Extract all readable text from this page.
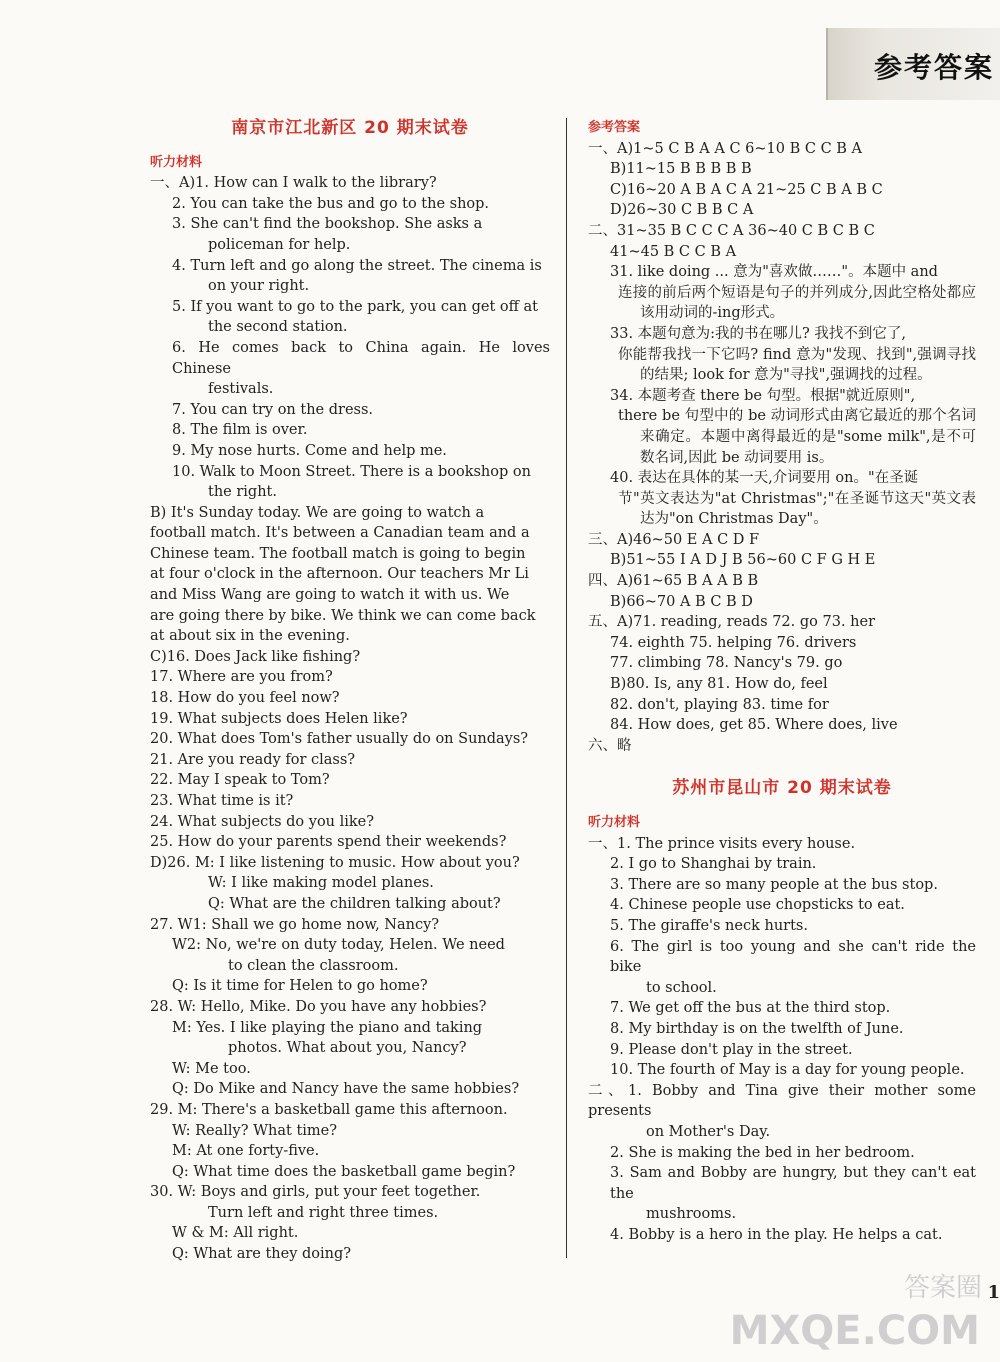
参考答案
南京市江北新区 20 期末试卷
听力材料
一、A)1. How can I walk to the library?
2. You can take the bus and go to the shop.
3. She can't find the bookshop. She asks a
policeman for help.
4. Turn left and go along the street. The cinema is
on your right.
5. If you want to go to the park, you can get off at
the second station.
6. He comes back to China again. He loves Chinese
festivals.
7. You can try on the dress.
8. The film is over.
9. My nose hurts. Come and help me.
10. Walk to Moon Street. There is a bookshop on
the right.
B) It's Sunday today. We are going to watch a
football match. It's between a Canadian team and a
Chinese team. The football match is going to begin
at four o'clock in the afternoon. Our teachers Mr Li
and Miss Wang are going to watch it with us. We
are going there by bike. We think we can come back
at about six in the evening.
C)16. Does Jack like fishing?
17. Where are you from?
18. How do you feel now?
19. What subjects does Helen like?
20. What does Tom's father usually do on Sundays?
21. Are you ready for class?
22. May I speak to Tom?
23. What time is it?
24. What subjects do you like?
25. How do your parents spend their weekends?
D)26. M: I like listening to music. How about you?
W: I like making model planes.
Q: What are the children talking about?
27. W1: Shall we go home now, Nancy?
W2: No, we're on duty today, Helen. We need
to clean the classroom.
Q: Is it time for Helen to go home?
28. W: Hello, Mike. Do you have any hobbies?
M: Yes. I like playing the piano and taking
photos. What about you, Nancy?
W: Me too.
Q: Do Mike and Nancy have the same hobbies?
29. M: There's a basketball game this afternoon.
W: Really? What time?
M: At one forty-five.
Q: What time does the basketball game begin?
30. W: Boys and girls, put your feet together.
Turn left and right three times.
W & M: All right.
Q: What are they doing?
参考答案
一、A)1~5 C B A A C 6~10 B C C B A
B)11~15 B B B B B
C)16~20 A B A C A 21~25 C B A B C
D)26~30 C B B C A
二、31~35 B C C C A 36~40 C B C B C
41~45 B C C B A
31. like doing ... 意为"喜欢做……"。本题中 and
连接的前后两个短语是句子的并列成分,因此空格处都应该用动词的-ing形式。
33. 本题句意为:我的书在哪儿? 我找不到它了,
你能帮我找一下它吗? find 意为"发现、找到",强调寻找的结果; look for 意为"寻找",强调找的过程。
34. 本题考查 there be 句型。根据"就近原则",
there be 句型中的 be 动词形式由离它最近的那个名词来确定。本题中离得最近的是"some milk",是不可数名词,因此 be 动词要用 is。
40. 表达在具体的某一天,介词要用 on。"在圣诞
节"英文表达为"at Christmas";"在圣诞节这天"英文表达为"on Christmas Day"。
三、A)46~50 E A C D F
B)51~55 I A D J B 56~60 C F G H E
四、A)61~65 B A A B B
B)66~70 A B C B D
五、A)71. reading, reads 72. go 73. her
74. eighth 75. helping 76. drivers
77. climbing 78. Nancy's 79. go
B)80. Is, any 81. How do, feel
82. don't, playing 83. time for
84. How does, get 85. Where does, live
六、略
苏州市昆山市 20 期末试卷
听力材料
一、1. The prince visits every house.
2. I go to Shanghai by train.
3. There are so many people at the bus stop.
4. Chinese people use chopsticks to eat.
5. The giraffe's neck hurts.
6. The girl is too young and she can't ride the bike
to school.
7. We get off the bus at the third stop.
8. My birthday is on the twelfth of June.
9. Please don't play in the street.
10. The fourth of May is a day for young people.
二、1. Bobby and Tina give their mother some presents
on Mother's Day.
2. She is making the bed in her bedroom.
3. Sam and Bobby are hungry, but they can't eat the
mushrooms.
4. Bobby is a hero in the play. He helps a cat.
1
答案圈
MXQE.COM
